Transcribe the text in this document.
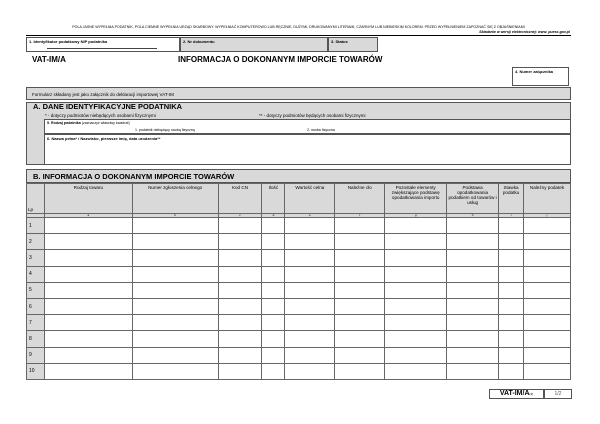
POLA JASNE WYPEŁNIA PODATNIK, POLA CIEMNE WYPEŁNIA URZĄD SKARBOWY. WYPEŁNIAĆ KOMPUTEROWO LUB RĘCZNIE, DUŻYMI, DRUKOWANYMI LITERAMI, CZARNYM LUB NIEBIESKIM KOLOREM. PRZED WYPEŁNIENIEM ZAPOZNAĆ SIĘ Z OBJAŚNIENIAMI
Składanie w wersji elektronicznej: www. puesc.gov.pl
1. Identyfikator podatkowy NIP podatnika	2. Nr dokumentu	3. Status
VAT-IM/A	INFORMACJA O DOKONANYM IMPORCIE TOWARÓW
4. Numer załącznika
Formularz składany jest jako załącznik do deklaracji importowej VAT-IM
A. DANE IDENTYFIKACYJNE PODATNIKA
* - dotyczy podmiotów niebędących osobami fizycznymi	** - dotyczy podmiotów będących osobami fizycznymi
5. Rodzaj podatnika (zaznaczyć właściwy kwadrat)
1. podatnik niebędący osobą fizyczną	2. osoba fizyczna
6. Nazwa pełna* / Nazwisko, pierwsze imię, data urodzenia**
B. INFORMACJA O DOKONANYM IMPORCIE TOWARÓW
Lp	Rodzaj towaru	Numer zgłoszenia celnego	Kod CN	Ilość	Wartość celna	Należne cło	Pozostałe elementy zwiększające podstawę opodatkowania importu	Podstawa opodatkowania podatkiem od towarów i usług	Stawka podatku	Należny podatek
	a	b	c	d	e	f	g	h	i	j
1										
2										
3										
4										
5										
6										
7										
8										
9										
10										
VAT-IM/A(3)	1/2
